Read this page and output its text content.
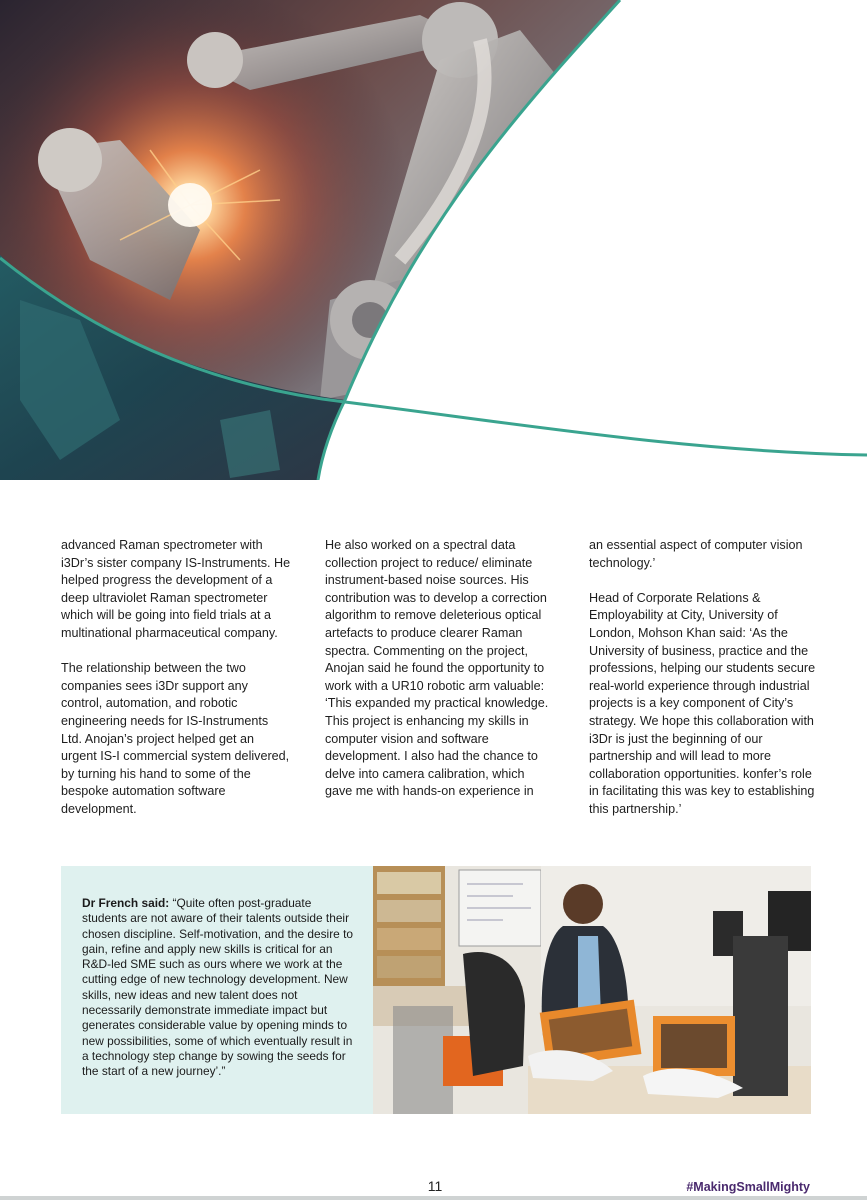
advanced Raman spectrometer with i3Dr’s sister company IS-Instruments. He helped progress the development of a deep ultraviolet Raman spectrometer which will be going into field trials at a multinational pharmaceutical company.

The relationship between the two companies sees i3Dr support any control, automation, and robotic engineering needs for IS-Instruments Ltd. Anojan’s project helped get an urgent IS-I commercial system delivered, by turning his hand to some of the bespoke automation software development.

He also worked on a spectral data collection project to reduce/ eliminate instrument-based noise sources. His contribution was to develop a correction algorithm to remove deleterious optical artefacts to produce clearer Raman spectra. Commenting on the project, Anojan said he found the opportunity to work with a UR10 robotic arm valuable: ‘This expanded my practical knowledge. This project is enhancing my skills in computer vision and software development. I also had the chance to delve into camera calibration, which gave me with hands-on experience in

an essential aspect of computer vision technology.’

Head of Corporate Relations & Employability at City, University of London, Mohson Khan said: ‘As the University of business, practice and the professions, helping our students secure real-world experience through industrial projects is a key component of City’s strategy. We hope this collaboration with i3Dr is just the beginning of our partnership and will lead to more collaboration opportunities. konfer’s role in facilitating this was key to establishing this partnership.’

Dr French said: “Quite often post-graduate students are not aware of their talents outside their chosen discipline. Self-motivation, and the desire to gain, refine and apply new skills is critical for an R&D-led SME such as ours where we work at the cutting edge of new technology development. New skills, new ideas and new talent does not necessarily demonstrate immediate impact but generates considerable value by opening minds to new possibilities, some of which eventually result in a technology step change by sowing the seeds for the start of a new journey’.”

11	#MakingSmallMighty
